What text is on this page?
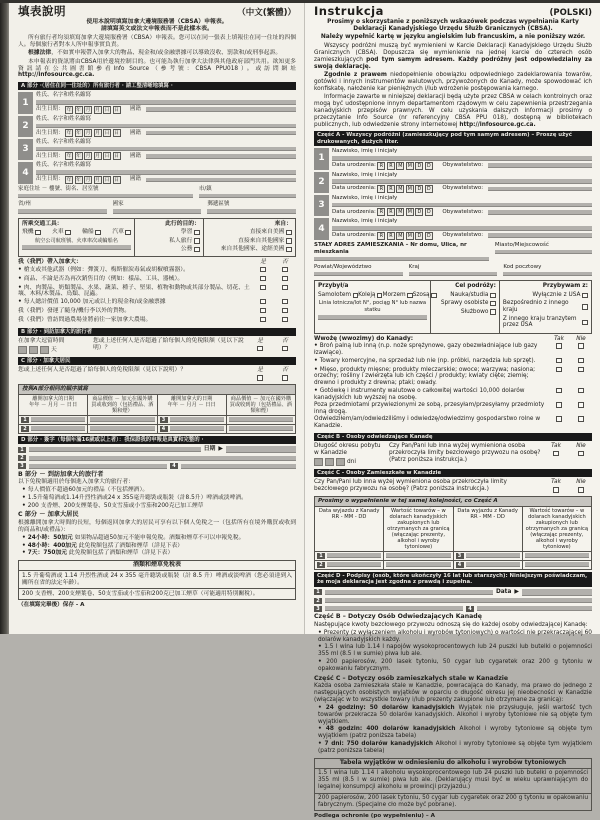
填表說明	（中文(繁體)）
使用本說明填寫加拿大邊境服務署（CBSA）申報表。
請填寫英文或法文申報表而不是此樣本表。
所有旅行者均須填寫加拿大邊境服務署（CBSA）申報表。您可以在同一張表上填報住在同一住址的四個人。每個旅行者對本人所申報事實負責。
根據法律，不如實申報帶入加拿大的物品、現金和/或金融票據可以導致沒收、罰款和/或刑事起訴。
本申報表的資訊將由CBSA用於邊境控制目的。也可能為執行加拿大法律與其他政府部門共用。欲知更多資訊請在公共圖書館參看Info Source（參考號：CBSA PPU018）。或訪問網址 http://infosource.gc.ca.
A 部分 ·（居住在同一住址的）所有旅行者 · 請工整清晰地填寫 ·
1
姓氏、名字和姓名縮寫
出生日期： 年 年 月 月 日 日 國籍
2
姓氏、名字和姓名縮寫
出生日期： 年 年 月 月 日 日 國籍
3
姓氏、名字和姓名縮寫
出生日期： 年 年 月 月 日 日 國籍
4
姓氏、名字和姓名縮寫
出生日期： 年 年 月 月 日 日 國籍
家庭住址 － 樓號、街名、居室號	市/鎮
省/州	國家	郵遞區號
所乘交通工具：
飛機	火車	輪船	汽車
航空公司航班號、火車車次或輪船名
此行的目的：
學習
私人旅行
公務
來自：
直接來自美國
直接來自其他國家
來自其他國家、途經美國
我（我們）帶入加拿大：	是	否
• 槍支或其他武器（例如：彈簧刀、梅斯催淚毒氣或胡椒噴霧器）。
• 商品、不論是否為再次銷售目的（例如：樣品、工具、器械）。
• 肉、肉製品、奶類製品、水果、蔬菜、種子、堅果、植物和動物或其部分製品、切花、土壤、木料/木製品、鳥類、昆蟲。
• 每人總計價值 10,000 加元或以上的現金和/或金融票據
我（我們）發運了隨身/機行李以外的貨物。
我（我們）曾訪問過農場並將前往一家加拿大農場。
B 部分 · 到訪加拿大的旅行者
在加拿大逗留時間
天
您或上述任何人是否超過了給每個人的免稅限額（見以下說明）？
是	否
C 部分 · 加拿大居民
您或上述任何人是否超過了給每個人的免稅限額（見以下說明）？	是	否
按與A部分相同的順序填寫
離開加拿大的日期
年年 － 月月 － 日日
	商品價值 － 加元在國外購買或收到的（包括禮品、酒類和煙）	
離開加拿大的日期
年年 － 月月 － 日日
	商品價值 － 加元在國外購買或收到的（包括禮品、酒類和煙）

1		3	

2		4	

D 部分 · 簽字（每個年滿16歲或以上者）：我保證我的申報是真實和完整的 ·
1	日期 ▶
2
3	4
B 部分 － 到訪加拿大的旅行者
以下免稅額適用於每個進入加拿大的旅行者：
• 每人價值不超過60加元的禮品（不包括煙酒）。
• 1.5升葡萄酒或1.14升烈性酒或24 x 355毫升聽裝或瓶裝（計8.5升）啤酒或淡啤酒。
• 200 支香煙、200支煙葉卷、50支雪茄或小雪茄和200克已加工煙草
C 部分 － 加拿大居民
根據離開加拿大時間的長短，每個返回加拿大的居民可享有以下個人免稅之一（包括所有在境外購買或收到的商品和/或禮品）：
• 24小時：50加元 如果物品超過50加元不能申報免稅。酒類和煙草不可以申報免稅。
• 48小時：400加元 此免稅額包括了酒類和煙草（詳見下表）
• 7天：750加元 此免稅額包括了酒類和煙草（詳見下表）
酒類和煙草免稅表
1.5 升葡萄酒或 1.14 升烈性酒或 24 x 355 毫升聽裝或瓶裝（計 8.5 升）啤酒或淡啤酒（您必須達到入關所在省的法定年齡）。
200 支香煙、200支煙葉卷、50支雪茄或小雪茄和200克已加工煙草（可能適用特別關稅）。
（在填寫完畢後）保存 - A
Instrukcja	(POLSKI)
Prosimy o skorzystanie z poniższych wskazówek podczas wypełniania Karty Deklaracji Kanadyjskiego Urzędu Służb Granicznych (CBSA).
Należy wypełnić kartę w języku angielskim lub francuskim, a nie poniższy wzór.
Wszyscy podróżni muszą być wymienieni w Karcie Deklaracji Kanadyjskiego Urzędu Służb Granicznych (CBSA). Dopuszcza się wymienienie na jednej karcie do czterech osób zamieszkujących pod tym samym adresem. Każdy podróżny jest odpowiedzialny za swoją deklarację.
Zgodnie z prawem niedopełnienie obowiązku odpowiedniego zadeklarowania towarów, gotówki i innych instrumentów walutowych, przywożonych do Kanady, może spowodować ich konfiskatę, nałożenie kar pieniężnych i/lub wdrożenie postępowania karnego.
Informacje zawarte w niniejszej deklaracji będą użyte przez CBSA w celach kontrolnych oraz mogą być udostępnione innym departamentom rządowym w celu zapewnienia przestrzegania kanadyjskich przepisów prawnych. W celu uzyskania dalszych informacji prosimy o przeczytanie Info Source (nr referencyjny CBSA PPU 018), dostępną w bibliotekach publicznych, lub odwiedzenie strony internetowej http://infosource.gc.ca.
Część A - Wszyscy podróżni (zamieszkujący pod tym samym adresem) – Proszę użyć drukowanych, dużych liter.
1
Nazwisko, imię i inicjały
Data urodzenia: R	R	M	M	D	D	Obywatelstwo:
2
Nazwisko, imię i inicjały
Data urodzenia: R	R	M	M	D	D	Obywatelstwo:
3
Nazwisko, imię i inicjały
Data urodzenia: R	R	M	M	D	D	Obywatelstwo:
4
Nazwisko, imię i inicjały
Data urodzenia: R	R	M	M	D	D	Obywatelstwo:
STAŁY ADRES ZAMIESZKANIA – Nr domu, Ulica, nr mieszkania
Miasto/Miejscowość
Powiat/Województwo	Kraj	Kod pocztowy
Przybył/a
Samolotem Koleją Morzem Szosą
Linia lotnicza/lot N°, pociąg N° lub nazwa statku
Cel podróży:
Nauka/studia
Sprawy osobiste
Służbowo
Przybywam z:
Wyłącznie z USA
Bezpośrednio z innego kraju
Z innego kraju tranzytem przez USA
Wwożę (wwozimy) do Kanady:	Tak	Nie
• Broń palną lub inną (n.p. noże sprężynowe, gazy obezwładniające lub gazy łzawiące).
• Towary komercyjne, na sprzedaż lub nie (np. próbki, narzędzia lub sprzęt).
• Mięso, produkty mięsne; produkty mleczarskie; owoce; warzywa; nasiona; orzechy; rośliny i zwierzęta lub ich części / produkty; kwiaty cięte; ziemię; drewno i produkty z drewna; ptaki; owady.
• Gotówkę i instrumenty walutowe o całkowitej wartości 10,000 dolarów kanadyjskich lub wyższej na osobę.
Poza przedmiotami przywiezionymi ze sobą, przesyłam/przesyłamy przedmioty inną drogą.
Odwiedziłem/am/odwiedziliśmy i odwiedzę/odwiedzimy gospodarstwo rolne w Kanadzie.
Część B - Osoby odwiedzające Kanadę
Długość okresu pobytu w Kanadzie
dni
Czy Pan/Pani lub inna wyżej wymieniona osoba przekroczyła limity bezcłowego przywozu na osobę? (Patrz poniższa instrukcja.)
Tak	Nie
Część C - Osoby Zamieszkałe w Kanadzie
Czy Pan/Pani lub inna wyżej wymieniona osoba przekroczyła limity bezcłowego przywozu na osobę? (Patrz poniższa instrukcja.)
Tak	Nie
Prosimy o wypełnienie w tej samej kolejności, co Część A
Data wyjazdu z Kanady
RR - MM - DD
	Wartość towarów – w dolarach kanadyjskich zakupionych lub otrzymanych za granicą (włączając prezenty, alkohol i wyroby tytoniowe)	
Data wyjazdu z Kanady
RR - MM - DD
	Wartość towarów – w dolarach kanadyjskich zakupionych lub otrzymanych za granicą (włączając prezenty, alkohol i wyroby tytoniowe)

1		3	

2		4	

Część D - Podpisy (osób, które ukończyły 16 lat lub starszych): Niniejszym poświadczam, że moja deklaracja jest zgodna z prawdą i zupełna.
1	Data ▶
2
3	4
Część B – Dotyczy Osób Odwiedzających Kanadę
Następujące kwoty bezcłowego przywozu odnoszą się do każdej osoby odwiedzającej Kanadę:
• Prezenty (z wyłączeniem alkoholu i wyrobów tytoniowych) o wartości nie przekraczającej 60 dolarów kanadyjskich każdy.
• 1.5 l wina lub 1.14 l napojów wysokoprocentowych lub 24 puszki lub butelki o pojemności 355 ml (8.5 l w sumie) piwa lub ale.
• 200 papierosów, 200 lasek tytoniu, 50 cygar lub cygaretek oraz 200 g tytoniu w opakowaniu fabrycznym.
Część C – Dotyczy osób zamieszkałych stale w Kanadzie
Każda osoba zamieszkała stale w Kanadzie, powracająca do Kanady, ma prawo do jednego z następujących osobistych wyjątków w oparciu o długość okresu jej nieobecności w Kanadzie (włączając w to wszystkie towary i/lub prezenty zakupione lub otrzymane za granicą):
• 24 godziny: 50 dolarów kanadyjskich Wyjątek nie przysługuje, jeśli wartość tych towarów przekracza 50 dolarów kanadyjskich. Alkohol i wyroby tytoniowe nie są objęte tym wyjątkiem.
• 48 godzin: 400 dolarów kanadyjskich Alkohol i wyroby tytoniowe są objęte tym wyjątkiem (patrz poniższa tabela)
• 7 dni: 750 dolarów kanadyjskich Alkohol i wyroby tytoniowe są objęte tym wyjątkiem (patrz poniższa tabela)
Tabela wyjątków w odniesieniu do alkoholu i wyrobów tytoniowych
1.5 l wina lub 1.14 l alkoholu wysokoprocentowego lub 24 puszki lub butelki o pojemności 355 ml (8.5 l w sumie) piwa lub ale. (Deklarujący musi być w wieku uprawniającym do legalnej konsumpcji alkoholu w prowincji przyjazdu.)
200 papierosów, 200 lasek tytoniu, 50 cygar lub cygaretek oraz 200 g tytoniu w opakowaniu fabrycznym. (Specjalne cło może być pobrane).
Podlega ochronie (po wypełnieniu) – A
